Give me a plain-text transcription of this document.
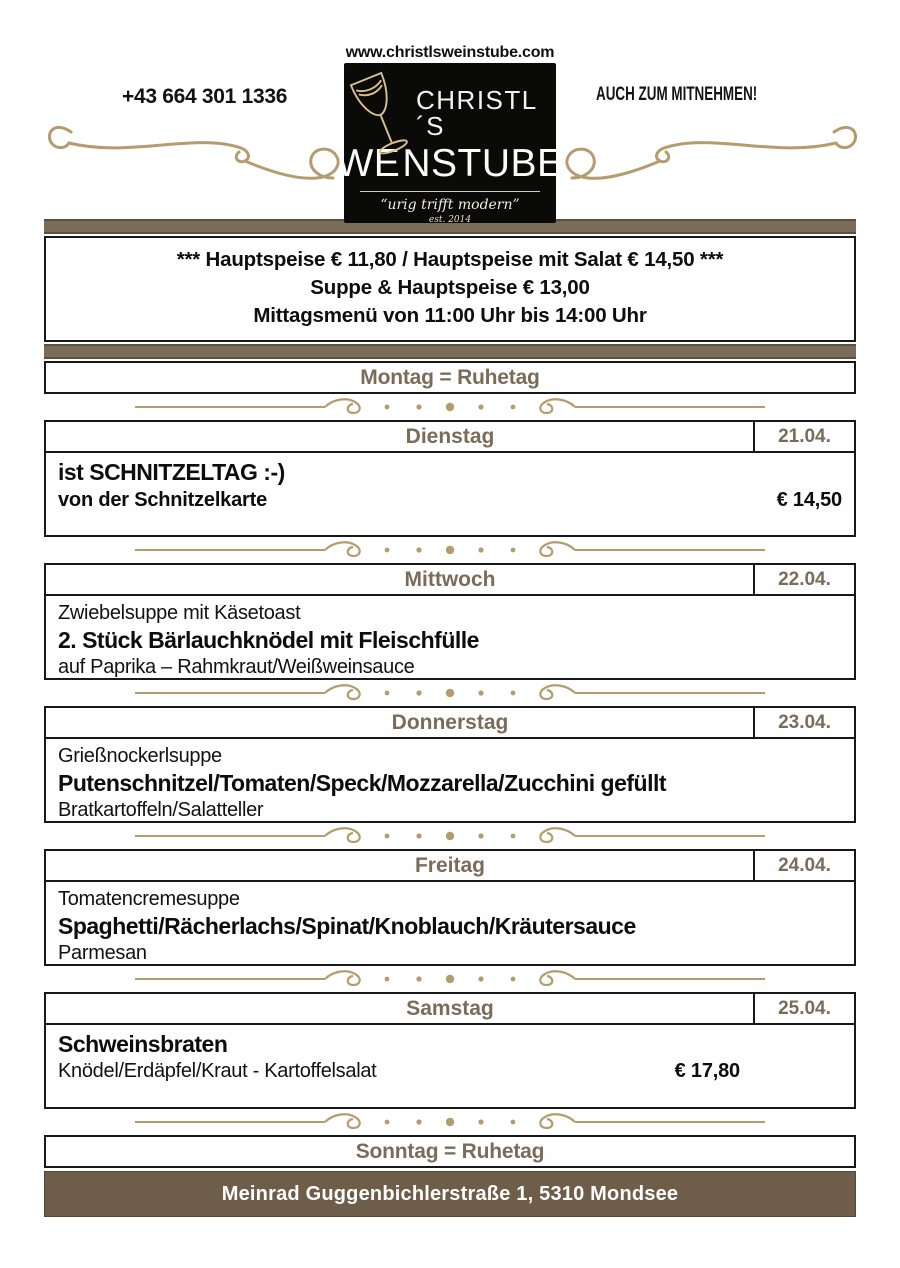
www.christlsweinstube.com
+43 664 301 1336	AUCH ZUM MITNEHMEN!
CHRISTL´S
WE NSTUBE
“urig trifft modern”
est. 2014
*** Hauptspeise € 11,80 / Hauptspeise mit Salat € 14,50 ***
Suppe & Hauptspeise € 13,00
Mittagsmenü von 11:00 Uhr bis 14:00 Uhr
Montag = Ruhetag
Dienstag	21.04.
ist SCHNITZELTAG :-)
von der Schnitzelkarte	€ 14,50
Mittwoch	22.04.
Zwiebelsuppe mit Käsetoast
2. Stück Bärlauchknödel mit Fleischfülle
auf Paprika – Rahmkraut/Weißweinsauce
Donnerstag	23.04.
Grießnockerlsuppe
Putenschnitzel/Tomaten/Speck/Mozzarella/Zucchini gefüllt
Bratkartoffeln/Salatteller
Freitag	24.04.
Tomatencremesuppe
Spaghetti/Rächerlachs/Spinat/Knoblauch/Kräutersauce
Parmesan
Samstag	25.04.
Schweinsbraten
Knödel/Erdäpfel/Kraut - Kartoffelsalat	€ 17,80
Sonntag = Ruhetag
Meinrad Guggenbichlerstraße 1, 5310 Mondsee
